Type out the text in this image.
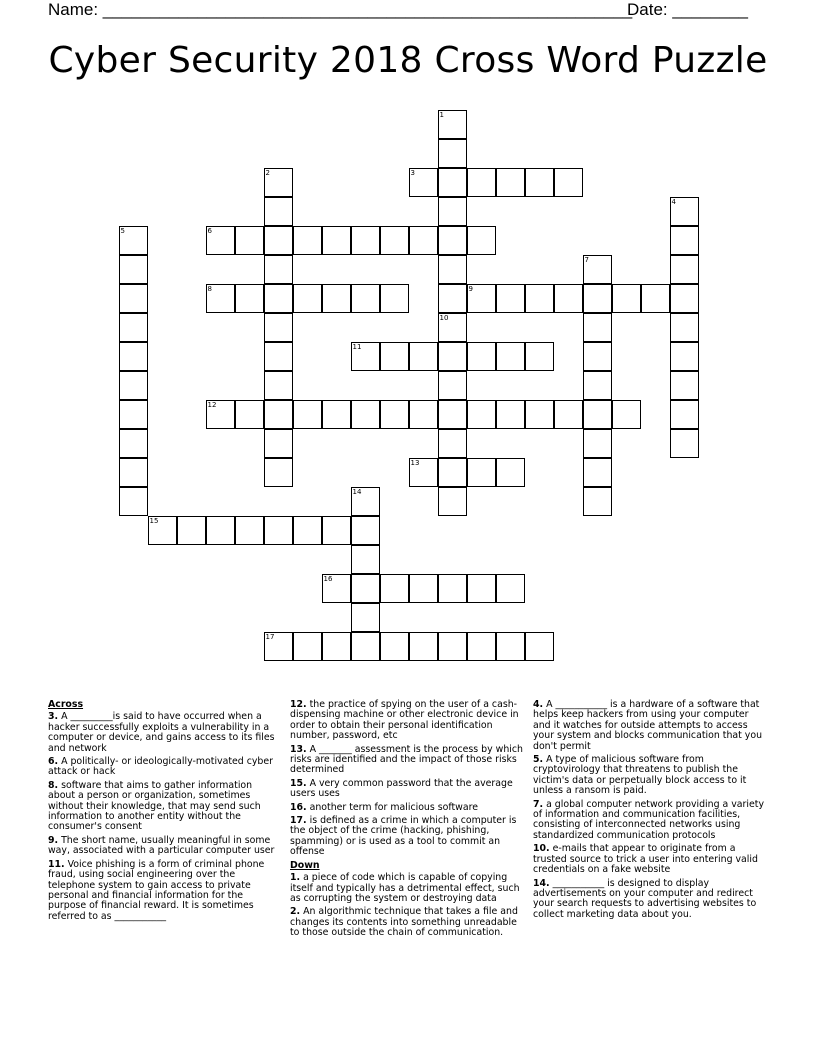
Name: ________________________________________________________
Date: ________
Cyber Security 2018 Cross Word Puzzle
10
2	3
4
5	6
7
8	9
11
12
13
14
15
16
17
1
Across
3. A _________is said to have occurred when a hacker successfully exploits a vulnerability in a computer or device, and gains access to its files and network
6. A politically- or ideologically-motivated cyber attack or hack
8. software that aims to gather information about a person or organization, sometimes without their knowledge, that may send such information to another entity without the consumer's consent
9. The short name, usually meaningful in some way, associated with a particular computer user
11. Voice phishing is a form of criminal phone fraud, using social engineering over the telephone system to gain access to private personal and financial information for the purpose of financial reward. It is sometimes referred to as ___________
12. the practice of spying on the user of a cash-dispensing machine or other electronic device in order to obtain their personal identification number, password, etc
13. A _______ assessment is the process by which risks are identified and the impact of those risks determined
15. A very common password that the average users uses
16. another term for malicious software
17. is defined as a crime in which a computer is the object of the crime (hacking, phishing, spamming) or is used as a tool to commit an offense
Down
1. a piece of code which is capable of copying itself and typically has a detrimental effect, such as corrupting the system or destroying data
2. An algorithmic technique that takes a file and changes its contents into something unreadable to those outside the chain of communication.
4. A ___________ is a hardware of a software that helps keep hackers from using your computer and it watches for outside attempts to access your system and blocks communication that you don't permit
5. A type of malicious software from cryptovirology that threatens to publish the victim's data or perpetually block access to it unless a ransom is paid.
7. a global computer network providing a variety of information and communication facilities, consisting of interconnected networks using standardized communication protocols
10. e-mails that appear to originate from a trusted source to trick a user into entering valid credentials on a fake website
14. ___________ is designed to display advertisements on your computer and redirect your search requests to advertising websites to collect marketing data about you.
